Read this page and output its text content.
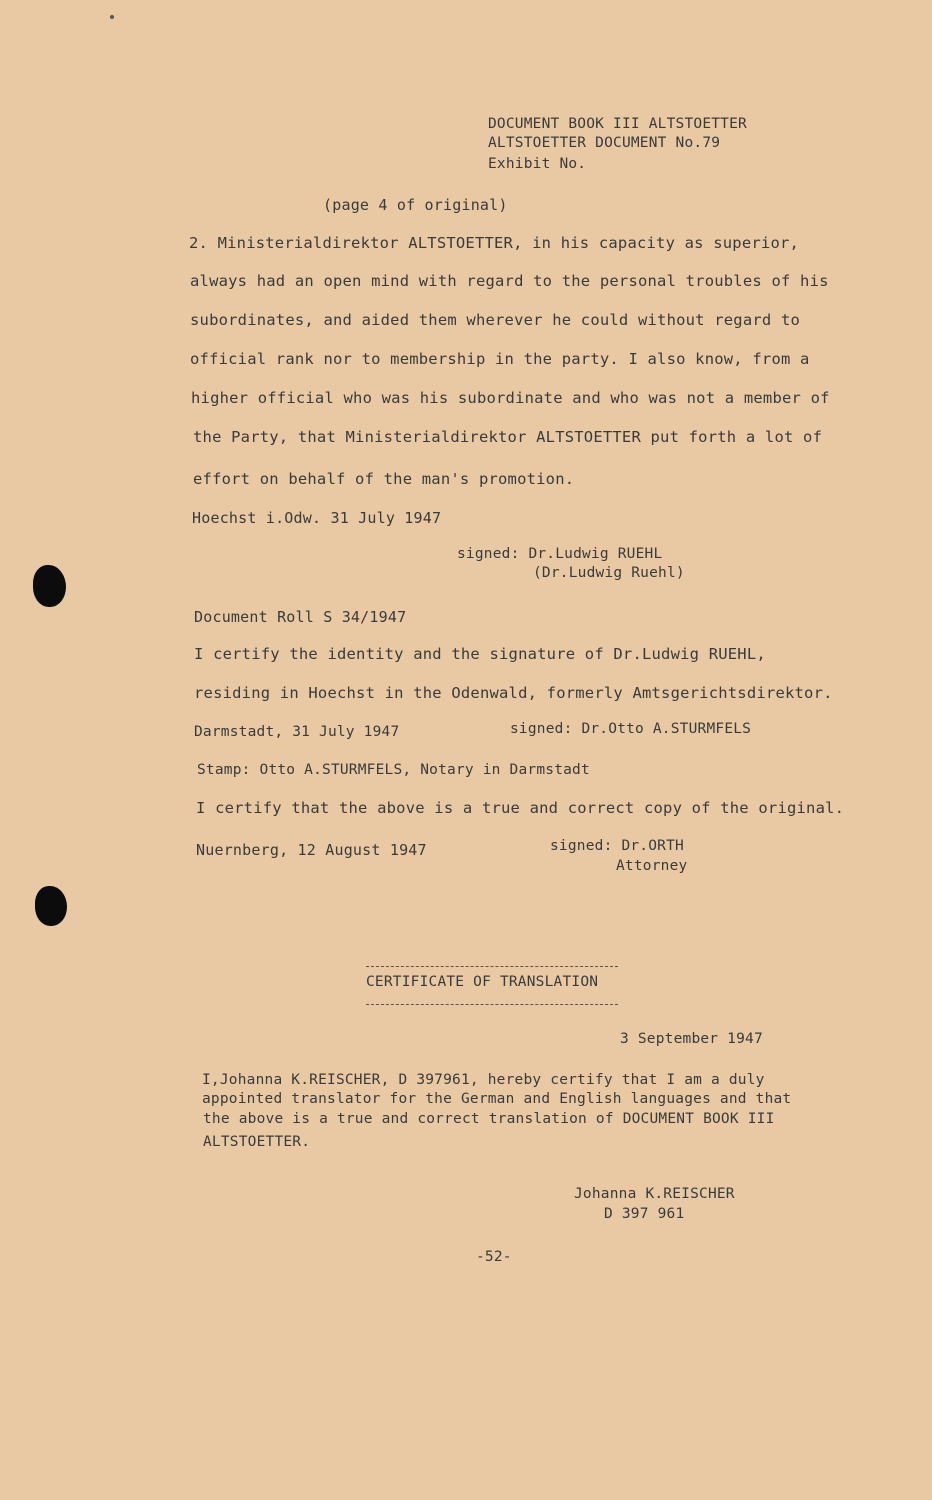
DOCUMENT BOOK III ALTSTOETTER
ALTSTOETTER DOCUMENT No.79
Exhibit No.
(page 4 of original)
2. Ministerialdirektor ALTSTOETTER, in his capacity as superior,
always had an open mind with regard to the personal troubles of his
subordinates, and aided them wherever he could without regard to
official rank nor to membership in the party. I also know, from a
higher official who was his subordinate and who was not a member of
the Party, that Ministerialdirektor ALTSTOETTER put forth a lot of
effort on behalf of the man's promotion.
Hoechst i.Odw. 31 July 1947
signed: Dr.Ludwig RUEHL
(Dr.Ludwig Ruehl)
Document Roll S 34/1947
I certify the identity and the signature of Dr.Ludwig RUEHL,
residing in Hoechst in the Odenwald, formerly Amtsgerichtsdirektor.
Darmstadt, 31 July 1947	signed: Dr.Otto A.STURMFELS
Stamp: Otto A.STURMFELS, Notary in Darmstadt
I certify that the above is a true and correct copy of the original.
Nuernberg, 12 August 1947	signed: Dr.ORTH
Attorney
CERTIFICATE OF TRANSLATION
3 September 1947
I,Johanna K.REISCHER, D 397961, hereby certify that I am a duly
appointed translator for the German and English languages and that
the above is a true and correct translation of DOCUMENT BOOK III
ALTSTOETTER.
Johanna K.REISCHER
D 397 961
-52-
